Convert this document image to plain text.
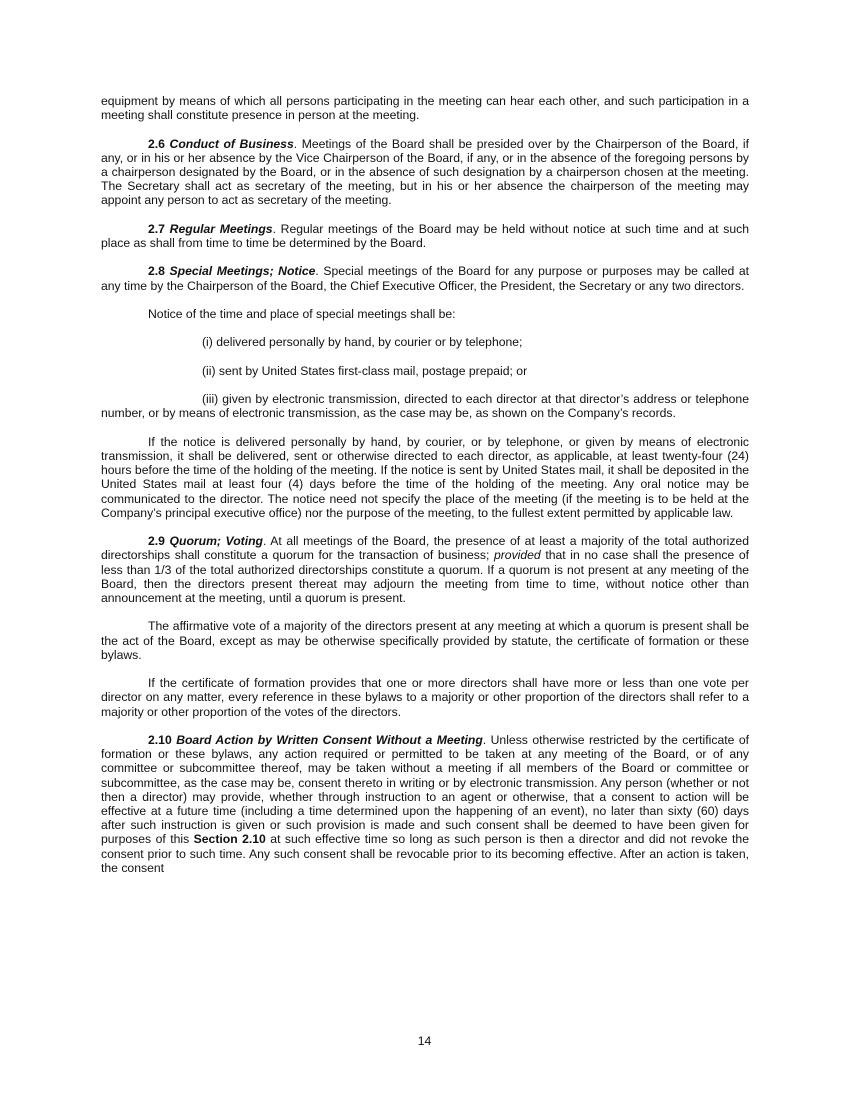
equipment by means of which all persons participating in the meeting can hear each other, and such participation in a meeting shall constitute presence in person at the meeting.

2.6 Conduct of Business. Meetings of the Board shall be presided over by the Chairperson of the Board, if any, or in his or her absence by the Vice Chairperson of the Board, if any, or in the absence of the foregoing persons by a chairperson designated by the Board, or in the absence of such designation by a chairperson chosen at the meeting. The Secretary shall act as secretary of the meeting, but in his or her absence the chairperson of the meeting may appoint any person to act as secretary of the meeting.

2.7 Regular Meetings. Regular meetings of the Board may be held without notice at such time and at such place as shall from time to time be determined by the Board.

2.8 Special Meetings; Notice. Special meetings of the Board for any purpose or purposes may be called at any time by the Chairperson of the Board, the Chief Executive Officer, the President, the Secretary or any two directors.

Notice of the time and place of special meetings shall be:

(i) delivered personally by hand, by courier or by telephone;

(ii) sent by United States first-class mail, postage prepaid; or

(iii) given by electronic transmission, directed to each director at that director’s address or telephone number, or by means of electronic transmission, as the case may be, as shown on the Company’s records.

If the notice is delivered personally by hand, by courier, or by telephone, or given by means of electronic transmission, it shall be delivered, sent or otherwise directed to each director, as applicable, at least twenty-four (24) hours before the time of the holding of the meeting. If the notice is sent by United States mail, it shall be deposited in the United States mail at least four (4) days before the time of the holding of the meeting. Any oral notice may be communicated to the director. The notice need not specify the place of the meeting (if the meeting is to be held at the Company’s principal executive office) nor the purpose of the meeting, to the fullest extent permitted by applicable law.

2.9 Quorum; Voting. At all meetings of the Board, the presence of at least a majority of the total authorized directorships shall constitute a quorum for the transaction of business; provided that in no case shall the presence of less than 1/3 of the total authorized directorships constitute a quorum. If a quorum is not present at any meeting of the Board, then the directors present thereat may adjourn the meeting from time to time, without notice other than announcement at the meeting, until a quorum is present.

The affirmative vote of a majority of the directors present at any meeting at which a quorum is present shall be the act of the Board, except as may be otherwise specifically provided by statute, the certificate of formation or these bylaws.

If the certificate of formation provides that one or more directors shall have more or less than one vote per director on any matter, every reference in these bylaws to a majority or other proportion of the directors shall refer to a majority or other proportion of the votes of the directors.

2.10 Board Action by Written Consent Without a Meeting. Unless otherwise restricted by the certificate of formation or these bylaws, any action required or permitted to be taken at any meeting of the Board, or of any committee or subcommittee thereof, may be taken without a meeting if all members of the Board or committee or subcommittee, as the case may be, consent thereto in writing or by electronic transmission. Any person (whether or not then a director) may provide, whether through instruction to an agent or otherwise, that a consent to action will be effective at a future time (including a time determined upon the happening of an event), no later than sixty (60) days after such instruction is given or such provision is made and such consent shall be deemed to have been given for purposes of this Section 2.10 at such effective time so long as such person is then a director and did not revoke the consent prior to such time. Any such consent shall be revocable prior to its becoming effective. After an action is taken, the consent

14
